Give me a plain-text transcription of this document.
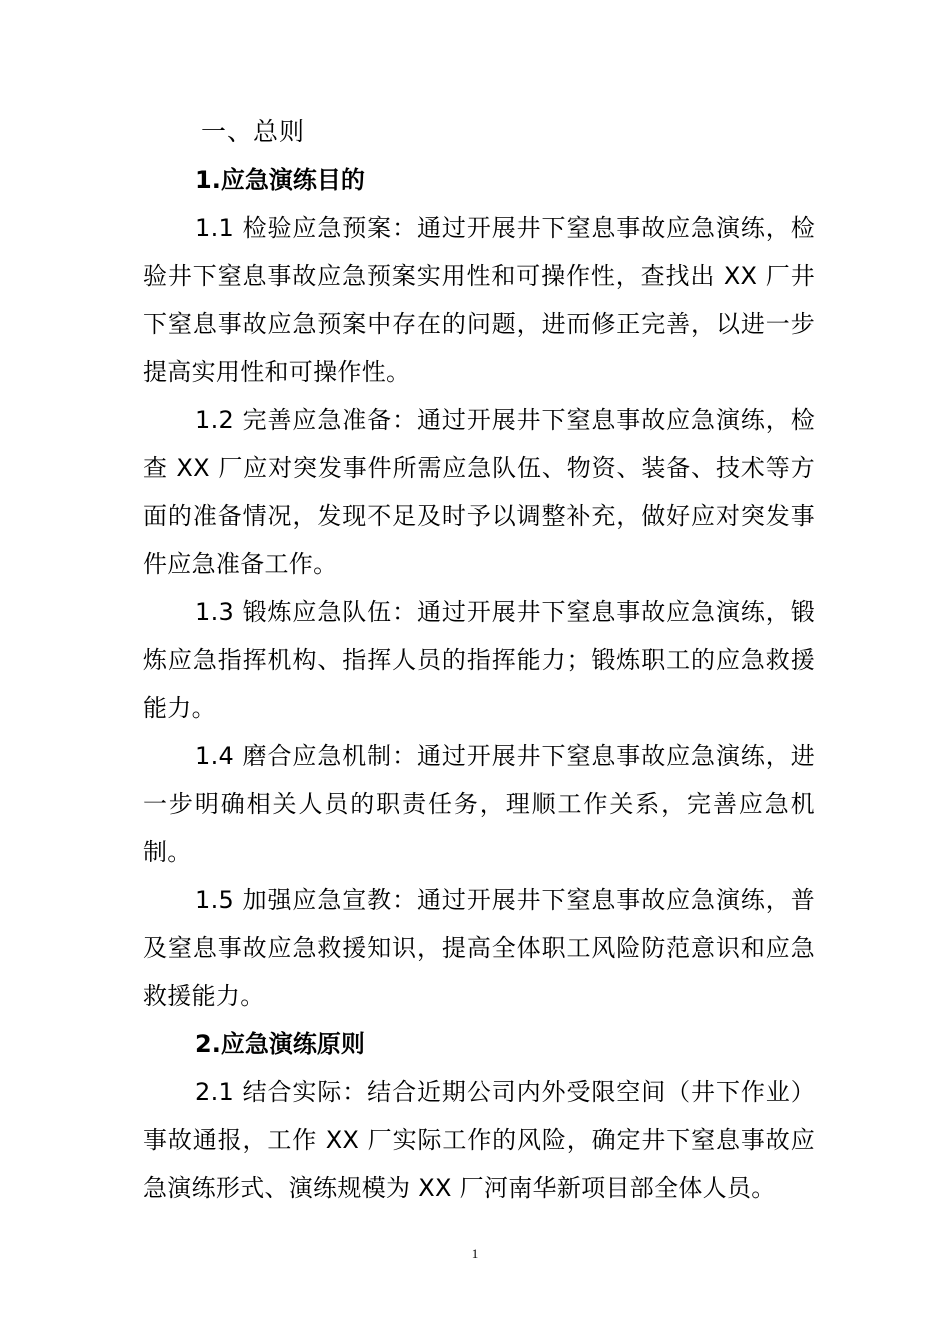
一、总则
1.应急演练目的

1.1 检验应急预案：通过开展井下窒息事故应急演练，检验井下窒息事故应急预案实用性和可操作性，查找出 XX 厂井下窒息事故应急预案中存在的问题，进而修正完善，以进一步提高实用性和可操作性。

1.2 完善应急准备：通过开展井下窒息事故应急演练，检查 XX 厂应对突发事件所需应急队伍、物资、装备、技术等方面的准备情况，发现不足及时予以调整补充，做好应对突发事件应急准备工作。

1.3 锻炼应急队伍：通过开展井下窒息事故应急演练，锻炼应急指挥机构、指挥人员的指挥能力；锻炼职工的应急救援能力。

1.4 磨合应急机制：通过开展井下窒息事故应急演练，进一步明确相关人员的职责任务，理顺工作关系，完善应急机制。

1.5 加强应急宣教：通过开展井下窒息事故应急演练，普及窒息事故应急救援知识，提高全体职工风险防范意识和应急救援能力。

2.应急演练原则

2.1 结合实际：结合近期公司内外受限空间（井下作业）事故通报，工作 XX 厂实际工作的风险，确定井下窒息事故应急演练形式、演练规模为 XX 厂河南华新项目部全体人员。

1
